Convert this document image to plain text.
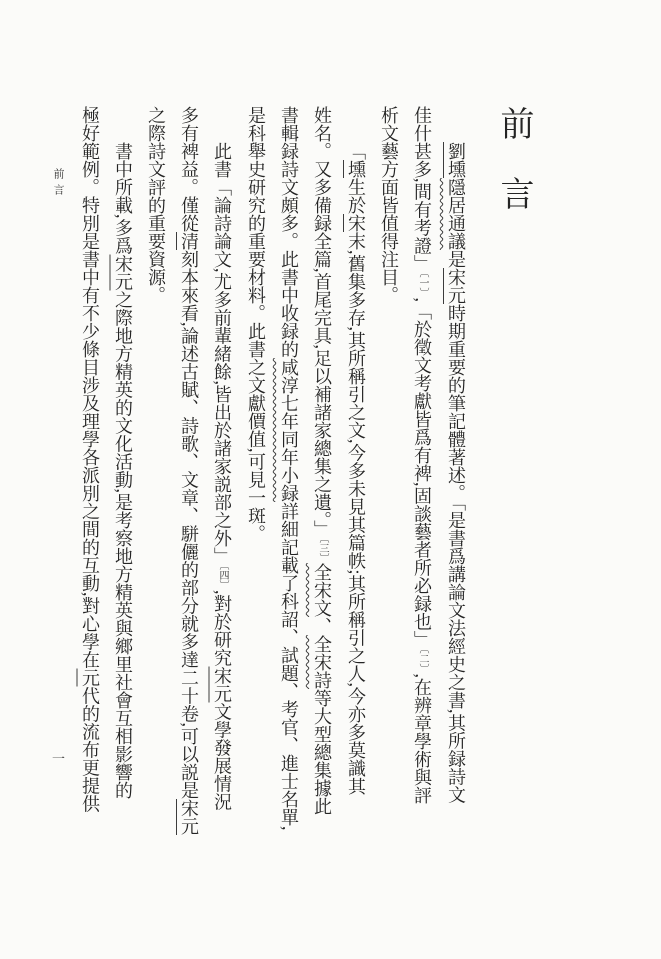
前言
劉壎隱居通議是宋元時期重要的筆記體著述。「是書爲講論文法經史之書,其所録詩文
佳什甚多,間有考證」〔一〕,「於徵文考獻皆爲有裨,固談藝者所必録也」〔二〕,在辨章學術與評
析文藝方面皆值得注目。
「壎生於宋末,舊集多存,其所稱引之文,今多未見其篇帙;其所稱引之人,今亦多莫識其
姓名。又多備録全篇,首尾完具,足以補諸家總集之遺。」〔三〕全宋文、全宋詩等大型總集據此
書輯録詩文頗多。此書中收録的咸淳七年同年小録詳細記載了科詔、試題、考官、進士名單,
是科舉史研究的重要材料。此書之文獻價值,可見一斑。
此書「論詩論文,尤多前輩緒餘,皆出於諸家説部之外」〔四〕,對於研究宋元文學發展情況
多有裨益。僅從清刻本來看,論述古賦、詩歌、文章、駢儷的部分就多達二十卷,可以説是宋元
之際詩文評的重要資源。
書中所載,多爲宋元之際地方精英的文化活動,是考察地方精英與鄉里社會互相影響的
極好範例。特別是書中有不少條目涉及理學各派別之間的互動,對心學在元代的流布更提供
前言
一
